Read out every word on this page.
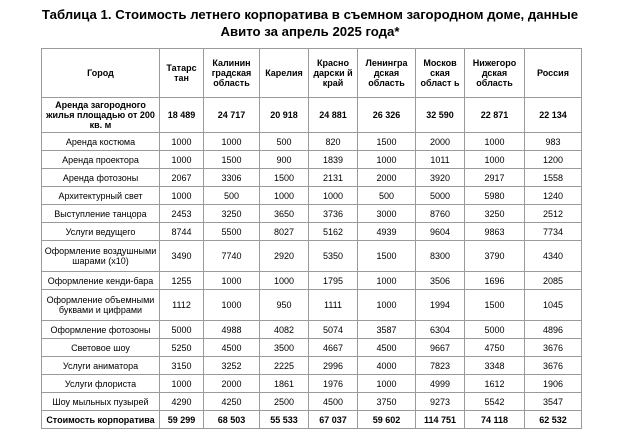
Таблица 1. Стоимость летнего корпоратива в съемном загородном доме, данные
Авито за апрель 2025 года*
Город	Татарс тан	Калинин градская область	Карелия	Красно дарски й край	Ленингра дская область	Москов ская област ь	Нижегоро дская область	Россия
Аренда загородного жилья площадью от 200 кв. м	18 489	24 717	20 918	24 881	26 326	32 590	22 871	22 134
Аренда костюма	1000	1000	500	820	1500	2000	1000	983
Аренда проектора	1000	1500	900	1839	1000	1011	1000	1200
Аренда фотозоны	2067	3306	1500	2131	2000	3920	2917	1558
Архитектурный свет	1000	500	1000	1000	500	5000	5980	1240
Выступление танцора	2453	3250	3650	3736	3000	8760	3250	2512
Услуги ведущего	8744	5500	8027	5162	4939	9604	9863	7734
Оформление воздушными шарами (x10)	3490	7740	2920	5350	1500	8300	3790	4340
Оформление кенди-бара	1255	1000	1000	1795	1000	3506	1696	2085
Оформление объемными буквами и цифрами	1112	1000	950	1111	1000	1994	1500	1045
Оформление фотозоны	5000	4988	4082	5074	3587	6304	5000	4896
Световое шоу	5250	4500	3500	4667	4500	9667	4750	3676
Услуги аниматора	3150	3252	2225	2996	4000	7823	3348	3676
Услуги флориста	1000	2000	1861	1976	1000	4999	1612	1906
Шоу мыльных пузырей	4290	4250	2500	4500	3750	9273	5542	3547
Стоимость корпоратива	59 299	68 503	55 533	67 037	59 602	114 751	74 118	62 532
